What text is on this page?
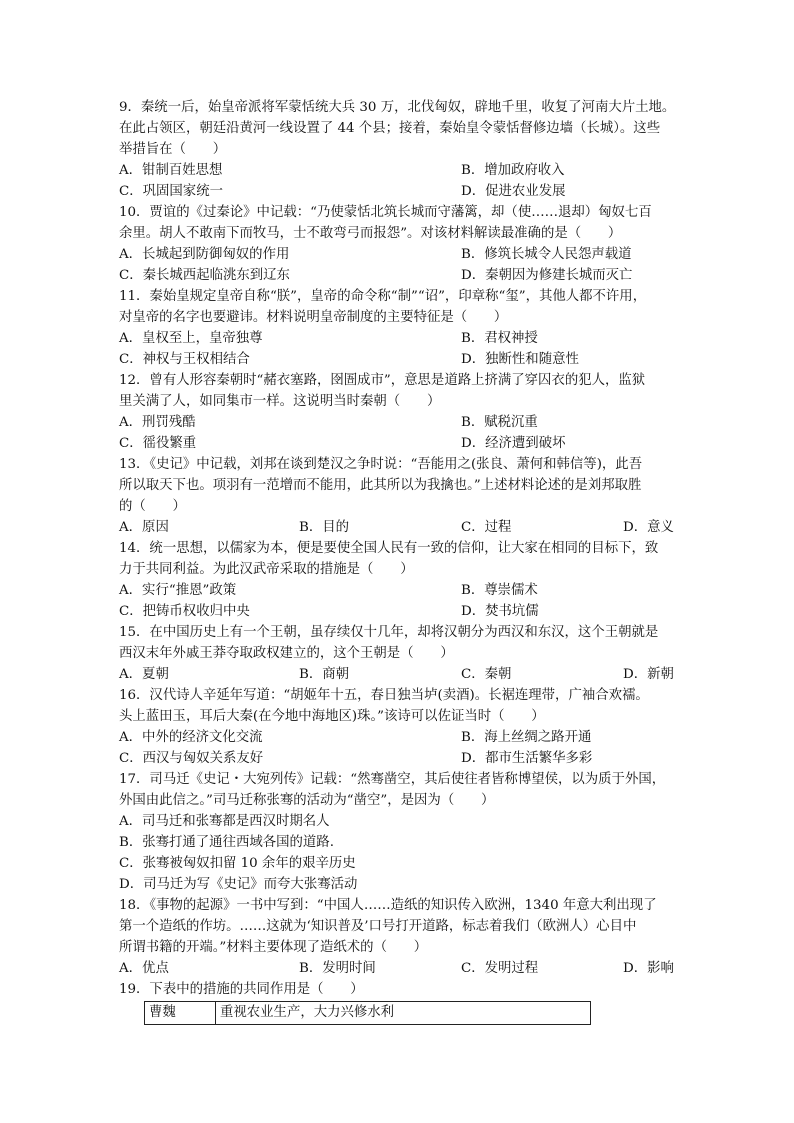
9．秦统一后，始皇帝派将军蒙恬统大兵 30 万，北伐匈奴，辟地千里，收复了河南大片土地。
在此占领区，朝廷沿黄河一线设置了 44 个县；接着，秦始皇令蒙恬督修边墙（长城）。这些
举措旨在（　　）
A．钳制百姓思想	B．增加政府收入
C．巩固国家统一	D．促进农业发展
10．贾谊的《过秦论》中记载：“乃使蒙恬北筑长城而守藩篱，却（使……退却）匈奴七百
余里。胡人不敢南下而牧马，士不敢弯弓而报怨”。对该材料解读最准确的是（　　）
A．长城起到防御匈奴的作用	B．修筑长城令人民怨声载道
C．秦长城西起临洮东到辽东	D．秦朝因为修建长城而灭亡
11．秦始皇规定皇帝自称“朕”，皇帝的命令称“制”“诏”，印章称“玺”，其他人都不许用，
对皇帝的名字也要避讳。材料说明皇帝制度的主要特征是（　　）
A．皇权至上，皇帝独尊	B．君权神授
C．神权与王权相结合	D．独断性和随意性
12．曾有人形容秦朝时“赭衣塞路，囹圄成市”，意思是道路上挤满了穿囚衣的犯人，监狱
里关满了人，如同集市一样。这说明当时秦朝（　　）
A．刑罚残酷	B．赋税沉重
C．徭役繁重	D．经济遭到破坏
13．《史记》中记载，刘邦在谈到楚汉之争时说：“吾能用之(张良、萧何和韩信等)，此吾
所以取天下也。项羽有一范增而不能用，此其所以为我擒也。”上述材料论述的是刘邦取胜
的（　　）
A．原因	B．目的	C．过程	D．意义
14．统一思想，以儒家为本，便是要使全国人民有一致的信仰，让大家在相同的目标下，致
力于共同利益。为此汉武帝采取的措施是（　　）
A．实行“推恩”政策	B．尊崇儒术
C．把铸币权收归中央	D．焚书坑儒
15．在中国历史上有一个王朝，虽存续仅十几年，却将汉朝分为西汉和东汉，这个王朝就是
西汉末年外戚王莽夺取政权建立的，这个王朝是（　　）
A．夏朝	B．商朝	C．秦朝	D．新朝
16．汉代诗人辛延年写道：“胡姬年十五，春日独当垆(卖酒)。长裾连理带，广袖合欢襦。
头上蓝田玉，耳后大秦(在今地中海地区)珠。”该诗可以佐证当时（　　）
A．中外的经济文化交流	B．海上丝绸之路开通
C．西汉与匈奴关系友好	D．都市生活繁华多彩
17．司马迁《史记・大宛列传》记载：“然骞凿空，其后使往者皆称博望侯，以为质于外国，
外国由此信之。”司马迁称张骞的活动为“凿空”，是因为（　　）
A．司马迁和张骞都是西汉时期名人
B．张骞打通了通往西域各国的道路.
C．张骞被匈奴扣留 10 余年的艰辛历史
D．司马迁为写《史记》而夸大张骞活动
18．《事物的起源》一书中写到：“中国人……造纸的知识传入欧洲，1340 年意大利出现了
第一个造纸的作坊。……这就为‘知识普及’口号打开道路，标志着我们（欧洲人）心目中
所谓书籍的开端。”材料主要体现了造纸术的（　　）
A．优点	B．发明时间	C．发明过程	D．影响
19．下表中的措施的共同作用是（　　）
曹魏	重视农业生产，大力兴修水利
